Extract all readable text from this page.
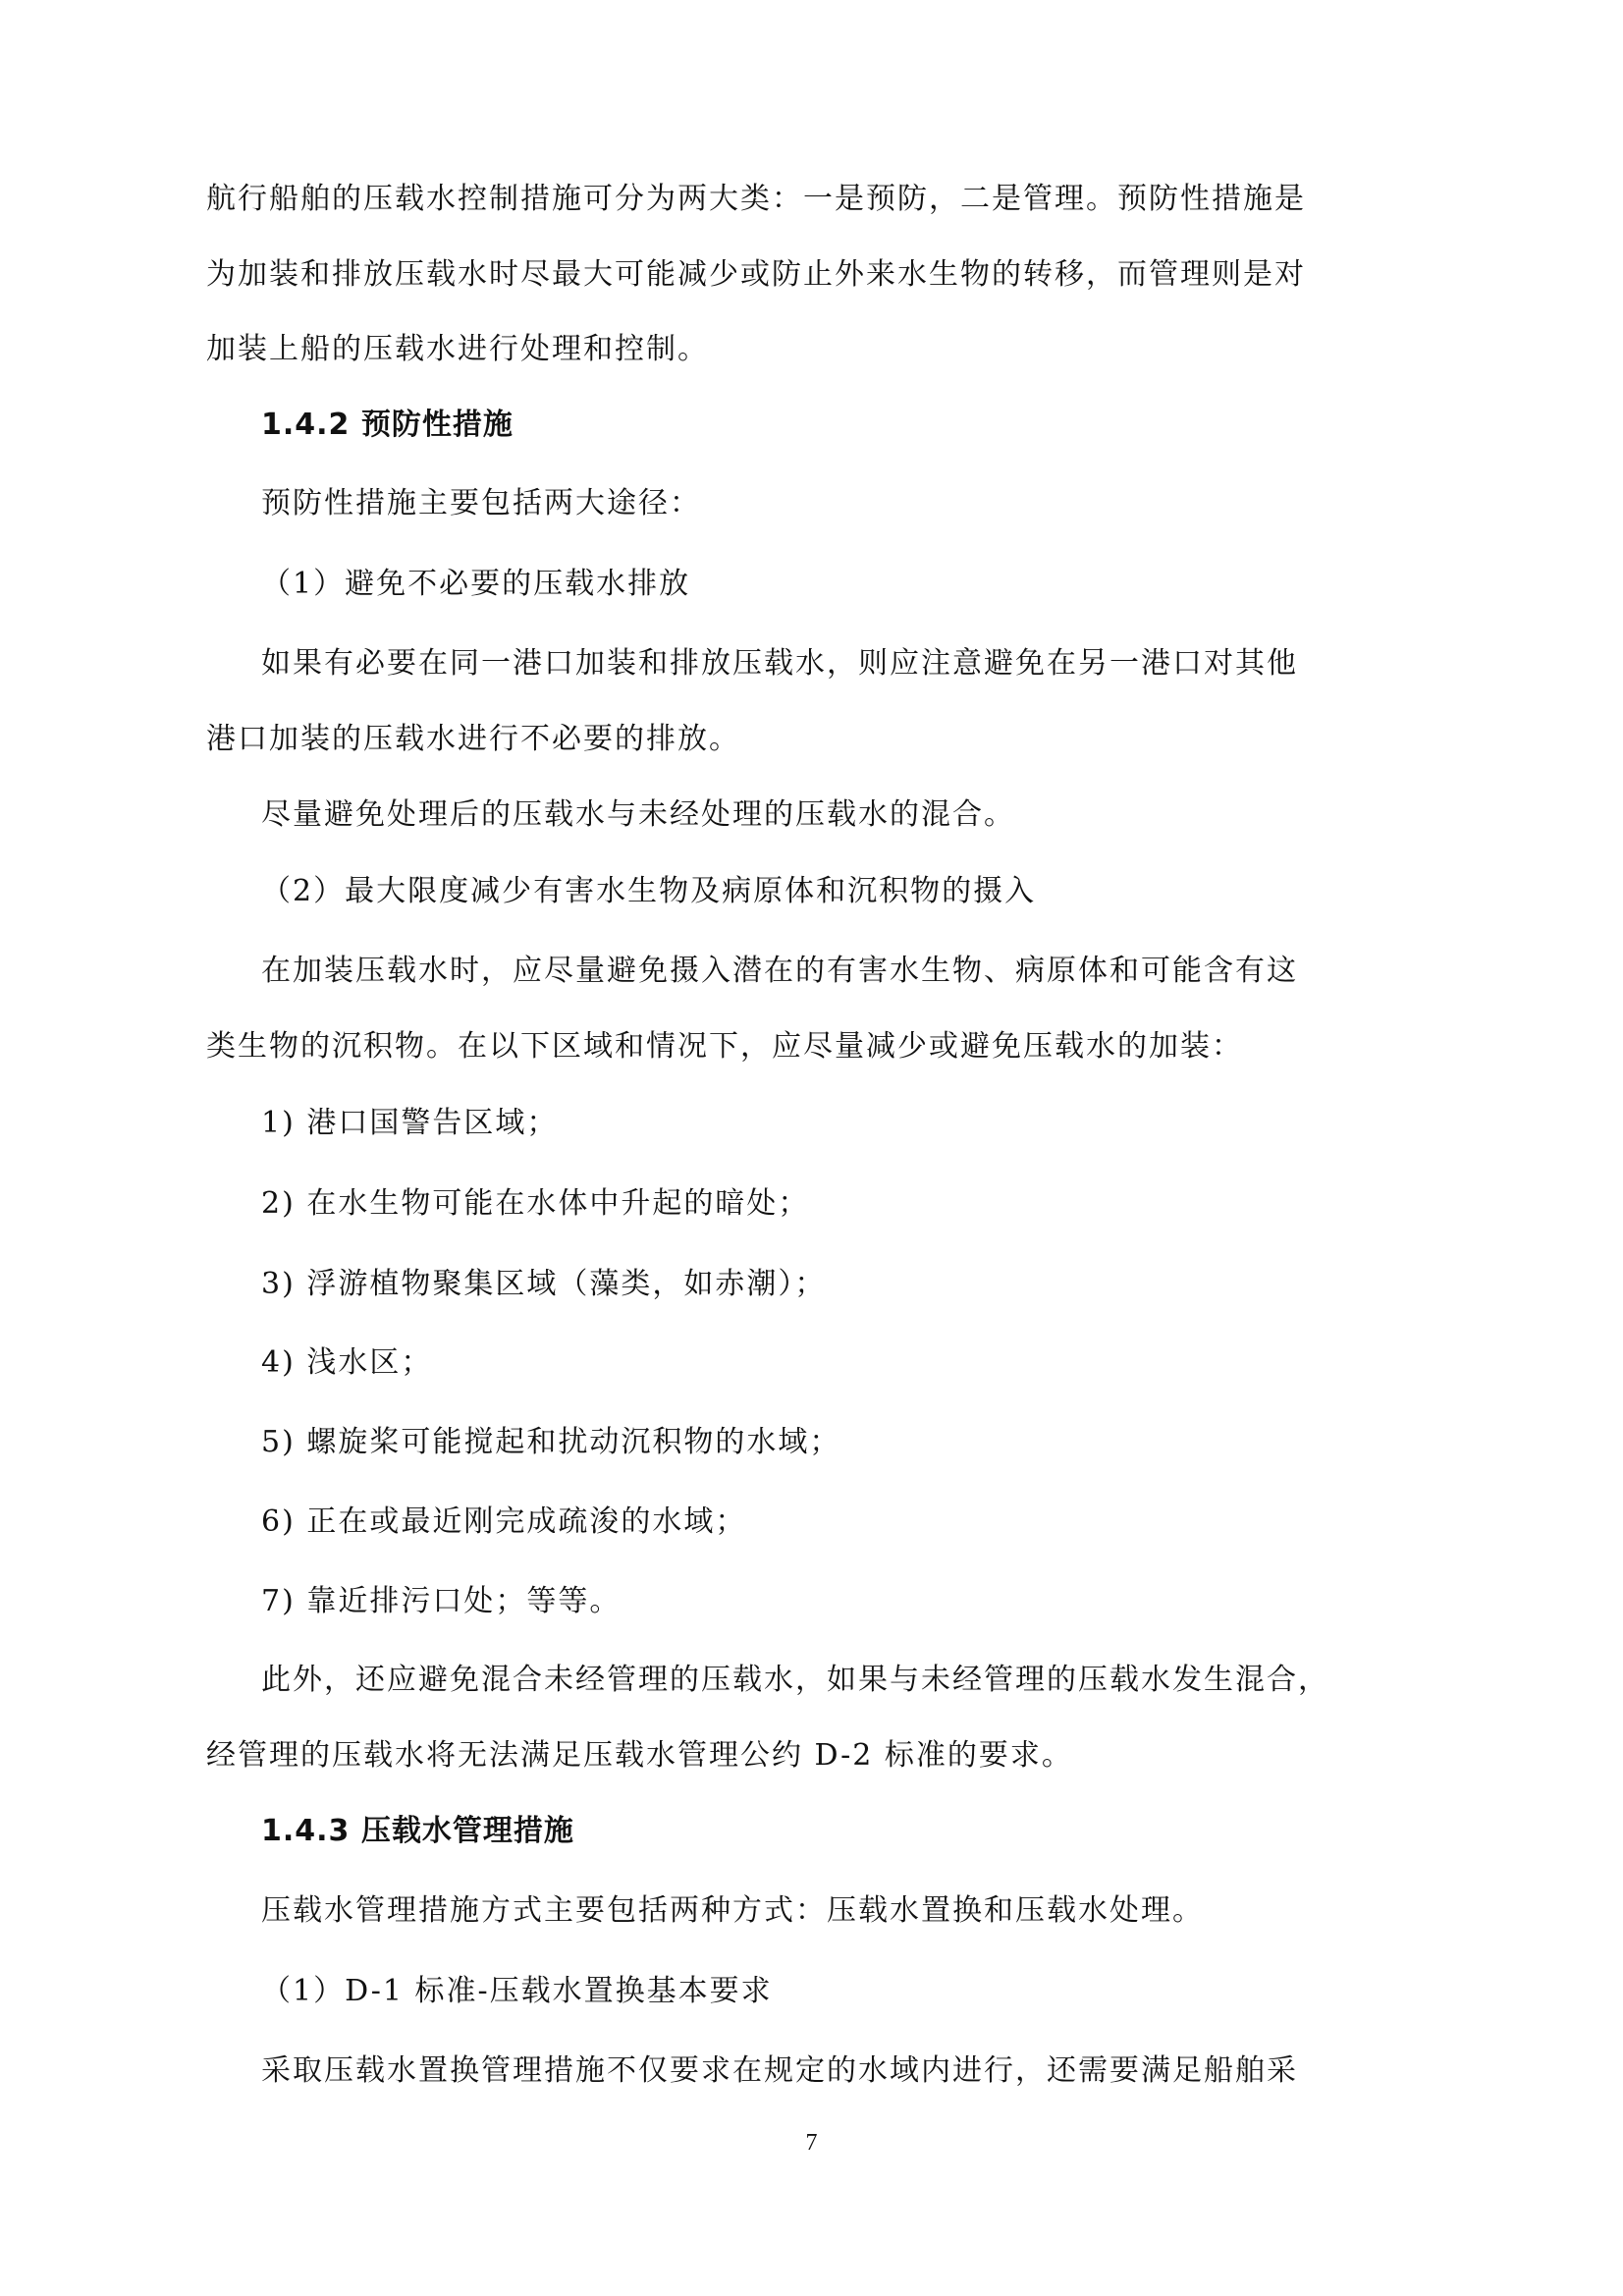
航行船舶的压载水控制措施可分为两大类：一是预防，二是管理。预防性措施是
为加装和排放压载水时尽最大可能减少或防止外来水生物的转移，而管理则是对
加装上船的压载水进行处理和控制。
1.4.2 预防性措施
预防性措施主要包括两大途径：
（1）避免不必要的压载水排放
如果有必要在同一港口加装和排放压载水，则应注意避免在另一港口对其他
港口加装的压载水进行不必要的排放。
尽量避免处理后的压载水与未经处理的压载水的混合。
（2）最大限度减少有害水生物及病原体和沉积物的摄入
在加装压载水时，应尽量避免摄入潜在的有害水生物、病原体和可能含有这
类生物的沉积物。在以下区域和情况下，应尽量减少或避免压载水的加装：
1) 港口国警告区域；
2) 在水生物可能在水体中升起的暗处；
3) 浮游植物聚集区域（藻类，如赤潮）；
4) 浅水区；
5) 螺旋桨可能搅起和扰动沉积物的水域；
6) 正在或最近刚完成疏浚的水域；
7) 靠近排污口处；等等。
此外，还应避免混合未经管理的压载水，如果与未经管理的压载水发生混合，
经管理的压载水将无法满足压载水管理公约 D-2 标准的要求。
1.4.3 压载水管理措施
压载水管理措施方式主要包括两种方式：压载水置换和压载水处理。
（1）D-1 标准-压载水置换基本要求
采取压载水置换管理措施不仅要求在规定的水域内进行，还需要满足船舶采
7
